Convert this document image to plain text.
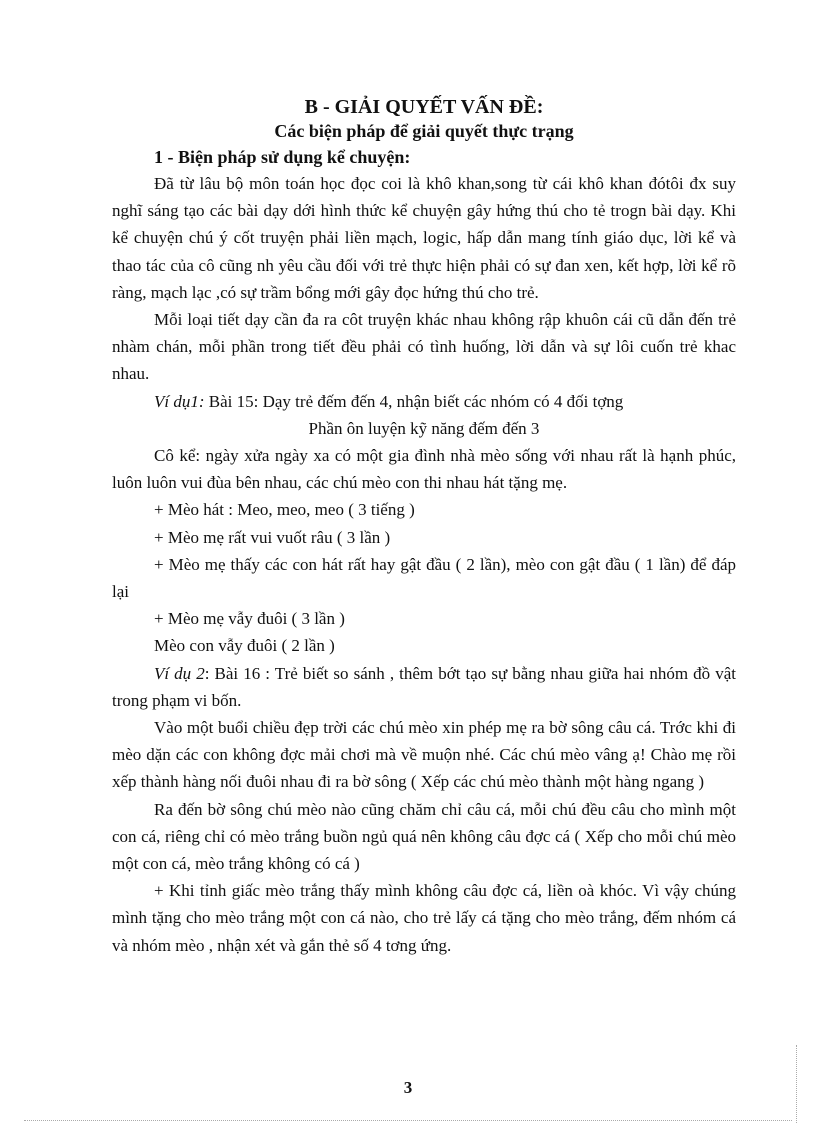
B - GIẢI QUYẾT VẤN ĐỀ:
Các biện pháp để giải quyết thực trạng
1 - Biện pháp sử dụng kể chuyện:

Đã từ lâu bộ môn toán học đọc coi là khô khan,song từ cái khô khan đótôi đx suy nghĩ sáng tạo các bài dạy dới hình thức kể chuyện gây hứng thú cho tẻ trogn bài dạy. Khi kể chuyện chú ý cốt truyện phải liền mạch, logic, hấp dẫn mang tính giáo dục, lời kể và thao tác của cô cũng nh yêu cầu đối với trẻ thực hiện phải có sự đan xen, kết hợp, lời kể rõ ràng, mạch lạc ,có sự trầm bổng mới gây đọc hứng thú cho trẻ.

Mỗi loại tiết dạy cần đa ra côt truyện khác nhau không rập khuôn cái cũ dẫn đến trẻ nhàm chán, mỗi phần trong tiết đều phải có tình huống, lời dẫn và sự lôi cuốn trẻ khac nhau.

Ví dụ1: Bài 15: Dạy trẻ đếm đến 4, nhận biết các nhóm có 4 đối tợng

Phần ôn luyện kỹ năng đếm đến 3

Cô kể: ngày xửa ngày xa có một gia đình nhà mèo sống với nhau rất là hạnh phúc, luôn luôn vui đùa bên nhau, các chú mèo con thi nhau hát tặng mẹ.

+ Mèo hát : Meo, meo, meo ( 3 tiếng )

+ Mèo mẹ rất vui vuốt râu ( 3 lần )

+ Mèo mẹ thấy các con hát rất hay gật đầu ( 2 lần), mèo con gật đầu ( 1 lần) để đáp lại

+ Mèo mẹ vẫy đuôi ( 3 lần )

Mèo con vẫy đuôi ( 2 lần )

Ví dụ 2: Bài 16 : Trẻ biết so sánh , thêm bớt tạo sự bằng nhau giữa hai nhóm đồ vật trong phạm vi bốn.

Vào một buổi chiều đẹp trời các chú mèo xin phép mẹ ra bờ sông câu cá. Trớc khi đi mèo dặn các con không đợc mải chơi mà về muộn nhé. Các chú mèo vâng ạ! Chào mẹ rồi xếp thành hàng nối đuôi nhau đi ra bờ sông ( Xếp các chú mèo thành một hàng ngang )

Ra đến bờ sông chú mèo nào cũng chăm chỉ câu cá, mỗi chú đều câu cho mình một con cá, riêng chỉ có mèo trắng buồn ngủ quá nên không câu đợc cá ( Xếp cho mỗi chú mèo một con cá, mèo trắng không có cá )

+ Khi tỉnh giấc mèo trắng thấy mình không câu đợc cá, liền oà khóc. Vì vậy chúng mình tặng cho mèo trắng một con cá nào, cho trẻ lấy cá tặng cho mèo trắng, đếm nhóm cá và nhóm mèo , nhận xét và gắn thẻ số 4 tơng ứng.

3
